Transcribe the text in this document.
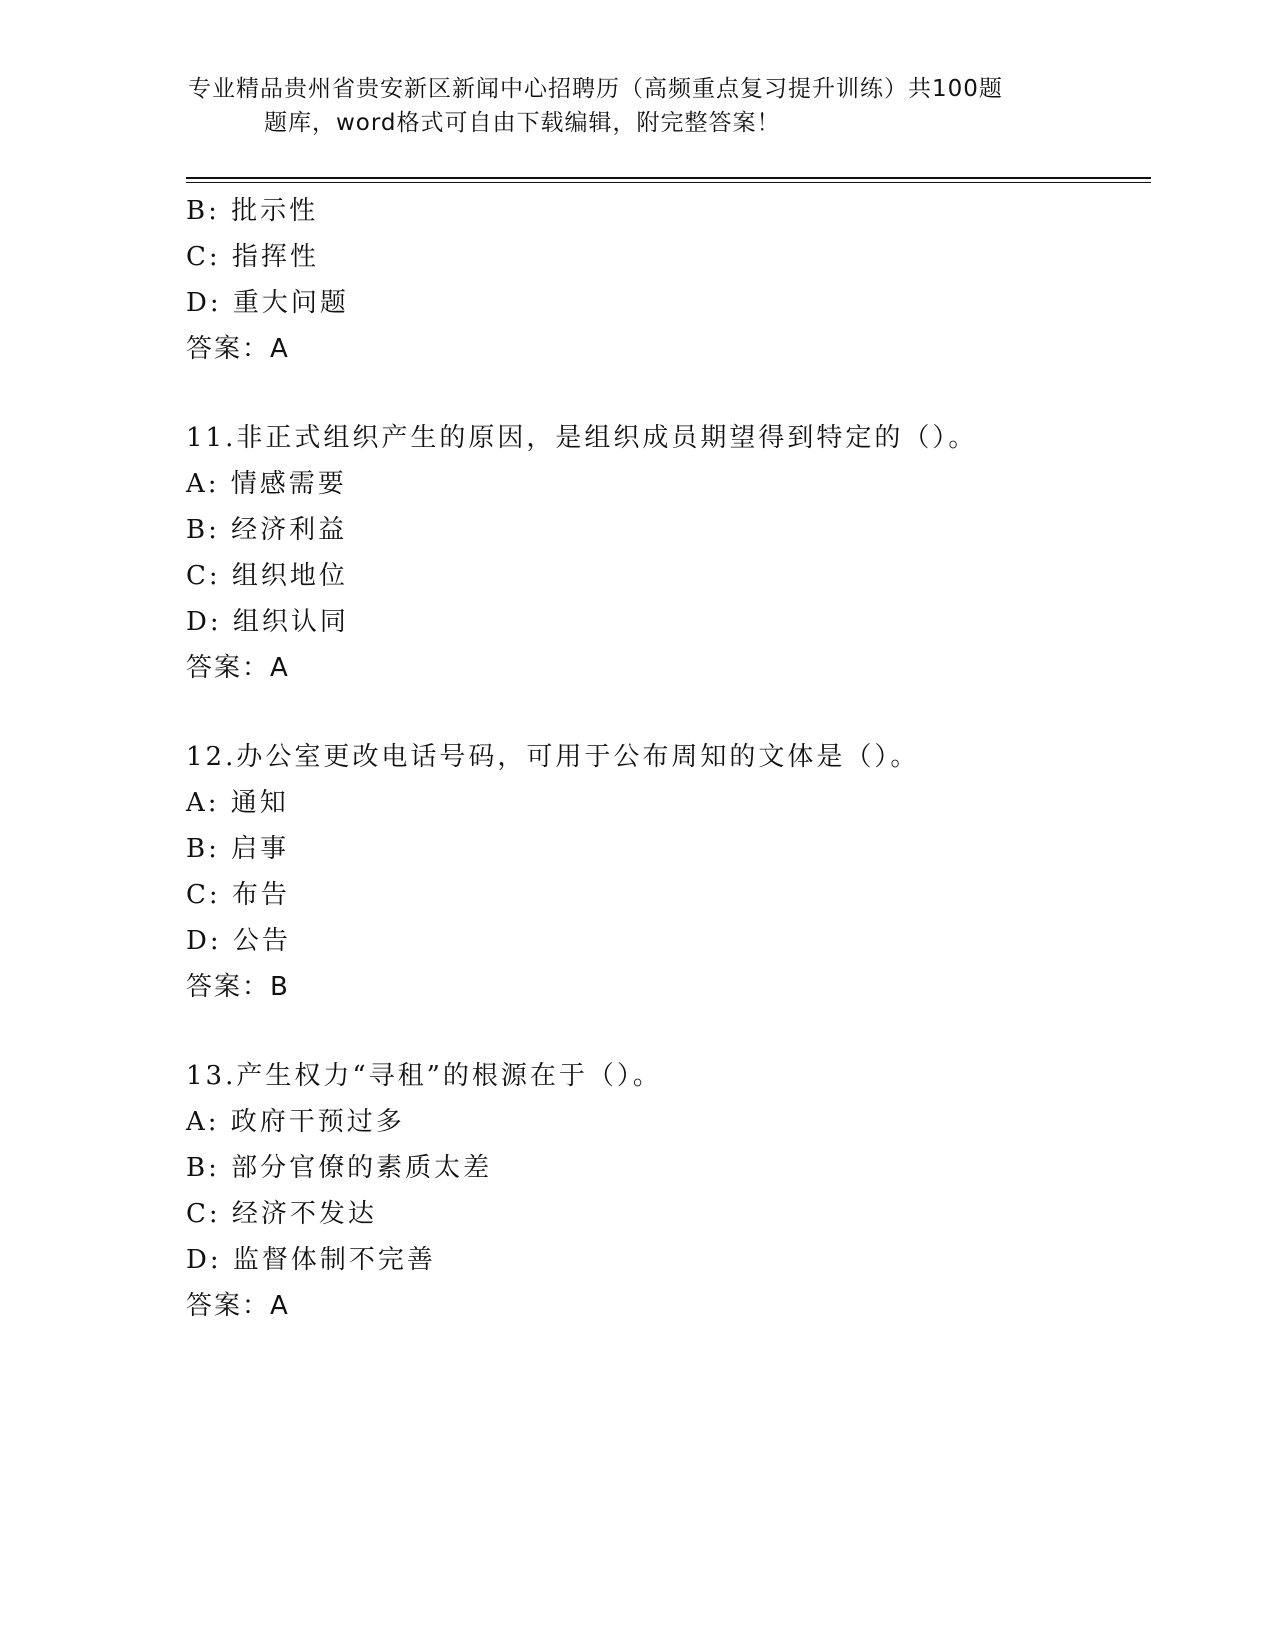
专业精品贵州省贵安新区新闻中心招聘历（高频重点复习提升训练）共100题
题库，word格式可自由下载编辑，附完整答案！
B: 批示性
C: 指挥性
D: 重大问题
答案：A
11.非正式组织产生的原因，是组织成员期望得到特定的（）。
A: 情感需要
B: 经济利益
C: 组织地位
D: 组织认同
答案：A
12.办公室更改电话号码，可用于公布周知的文体是（）。
A: 通知
B: 启事
C: 布告
D: 公告
答案：B
13.产生权力“寻租”的根源在于（）。
A: 政府干预过多
B: 部分官僚的素质太差
C: 经济不发达
D: 监督体制不完善
答案：A
